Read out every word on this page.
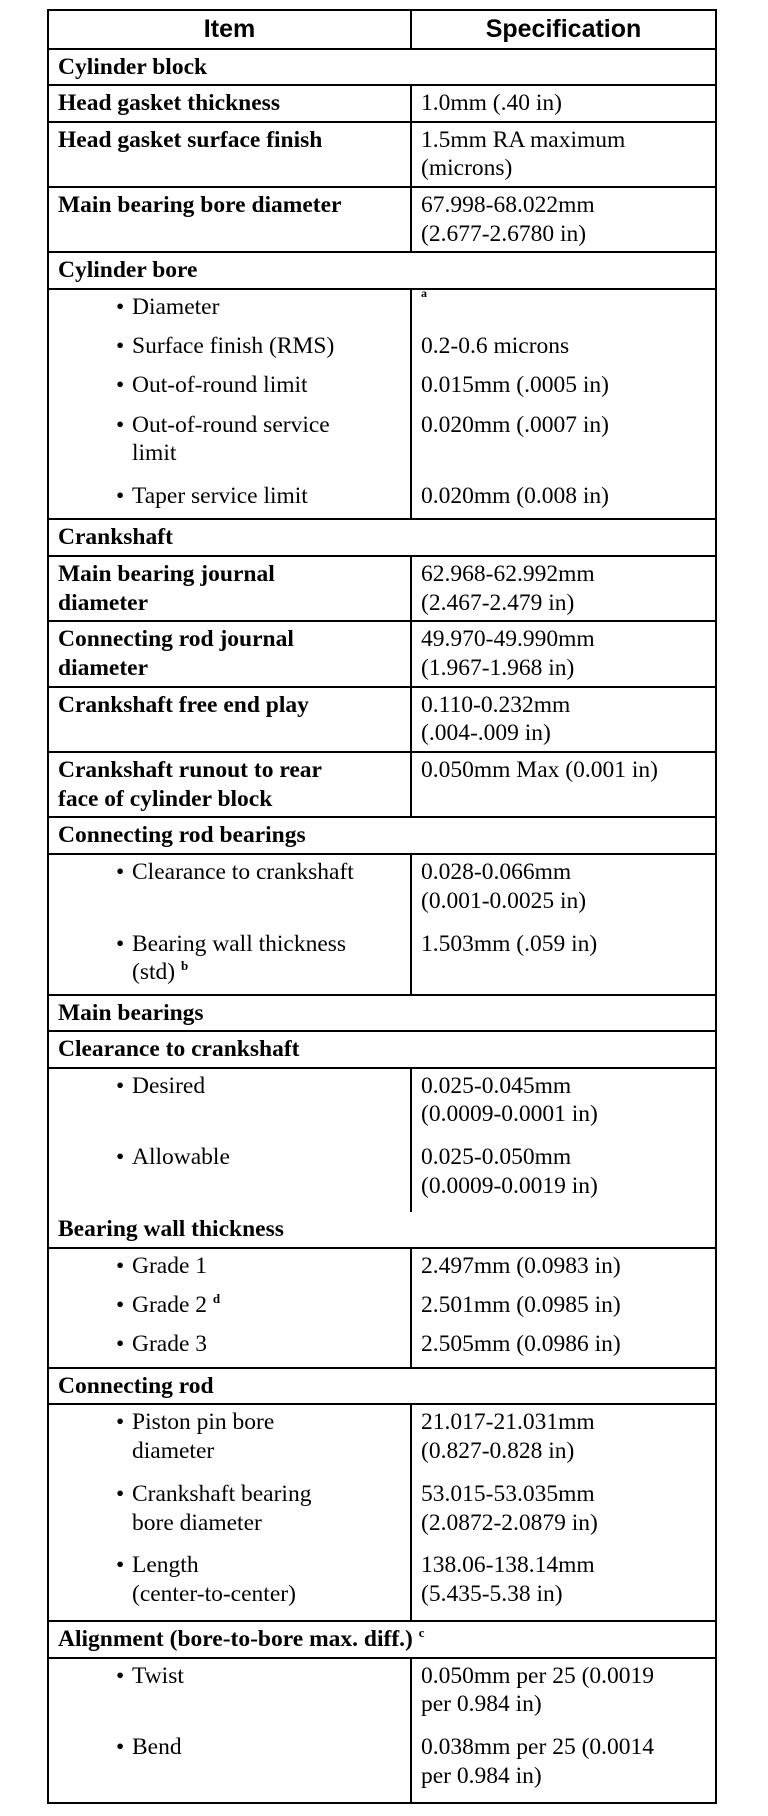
Item	Specification
Cylinder block	
Head gasket thickness	1.0mm (.40 in)
Head gasket surface finish	1.5mm RA maximum
(microns)
Main bearing bore diameter	67.998-68.022mm
(2.677-2.6780 in)
Cylinder bore	
• Diameter	$^a$
• Surface finish (RMS)	0.2-0.6 microns
• Out-of-round limit	0.015mm (.0005 in)
• Out-of-round service
limit	0.020mm (.0007 in)
• Taper service limit	0.020mm (0.008 in)
Crankshaft	
Main bearing journal
diameter	62.968-62.992mm
(2.467-2.479 in)
Connecting rod journal
diameter	49.970-49.990mm
(1.967-1.968 in)
Crankshaft free end play	0.110-0.232mm
(.004-.009 in)
Crankshaft runout to rear
face of cylinder block	0.050mm Max (0.001 in)
Connecting rod bearings	
• Clearance to crankshaft	0.028-0.066mm
(0.001-0.0025 in)
• Bearing wall thickness
(std) $^b$	1.503mm (.059 in)
Main bearings	
Clearance to crankshaft	
• Desired	0.025-0.045mm
(0.0009-0.0001 in)
• Allowable	0.025-0.050mm
(0.0009-0.0019 in)
Bearing wall thickness	
• Grade 1	2.497mm (0.0983 in)
• Grade 2 $^d$	2.501mm (0.0985 in)
• Grade 3	2.505mm (0.0986 in)
Connecting rod	
• Piston pin bore
diameter	21.017-21.031mm
(0.827-0.828 in)
• Crankshaft bearing
bore diameter	53.015-53.035mm
(2.0872-2.0879 in)
• Length
(center-to-center)	138.06-138.14mm
(5.435-5.38 in)
Alignment (bore-to-bore max. diff.) $^c$
• Twist	0.050mm per 25 (0.0019
per 0.984 in)
• Bend	0.038mm per 25 (0.0014
per 0.984 in)
